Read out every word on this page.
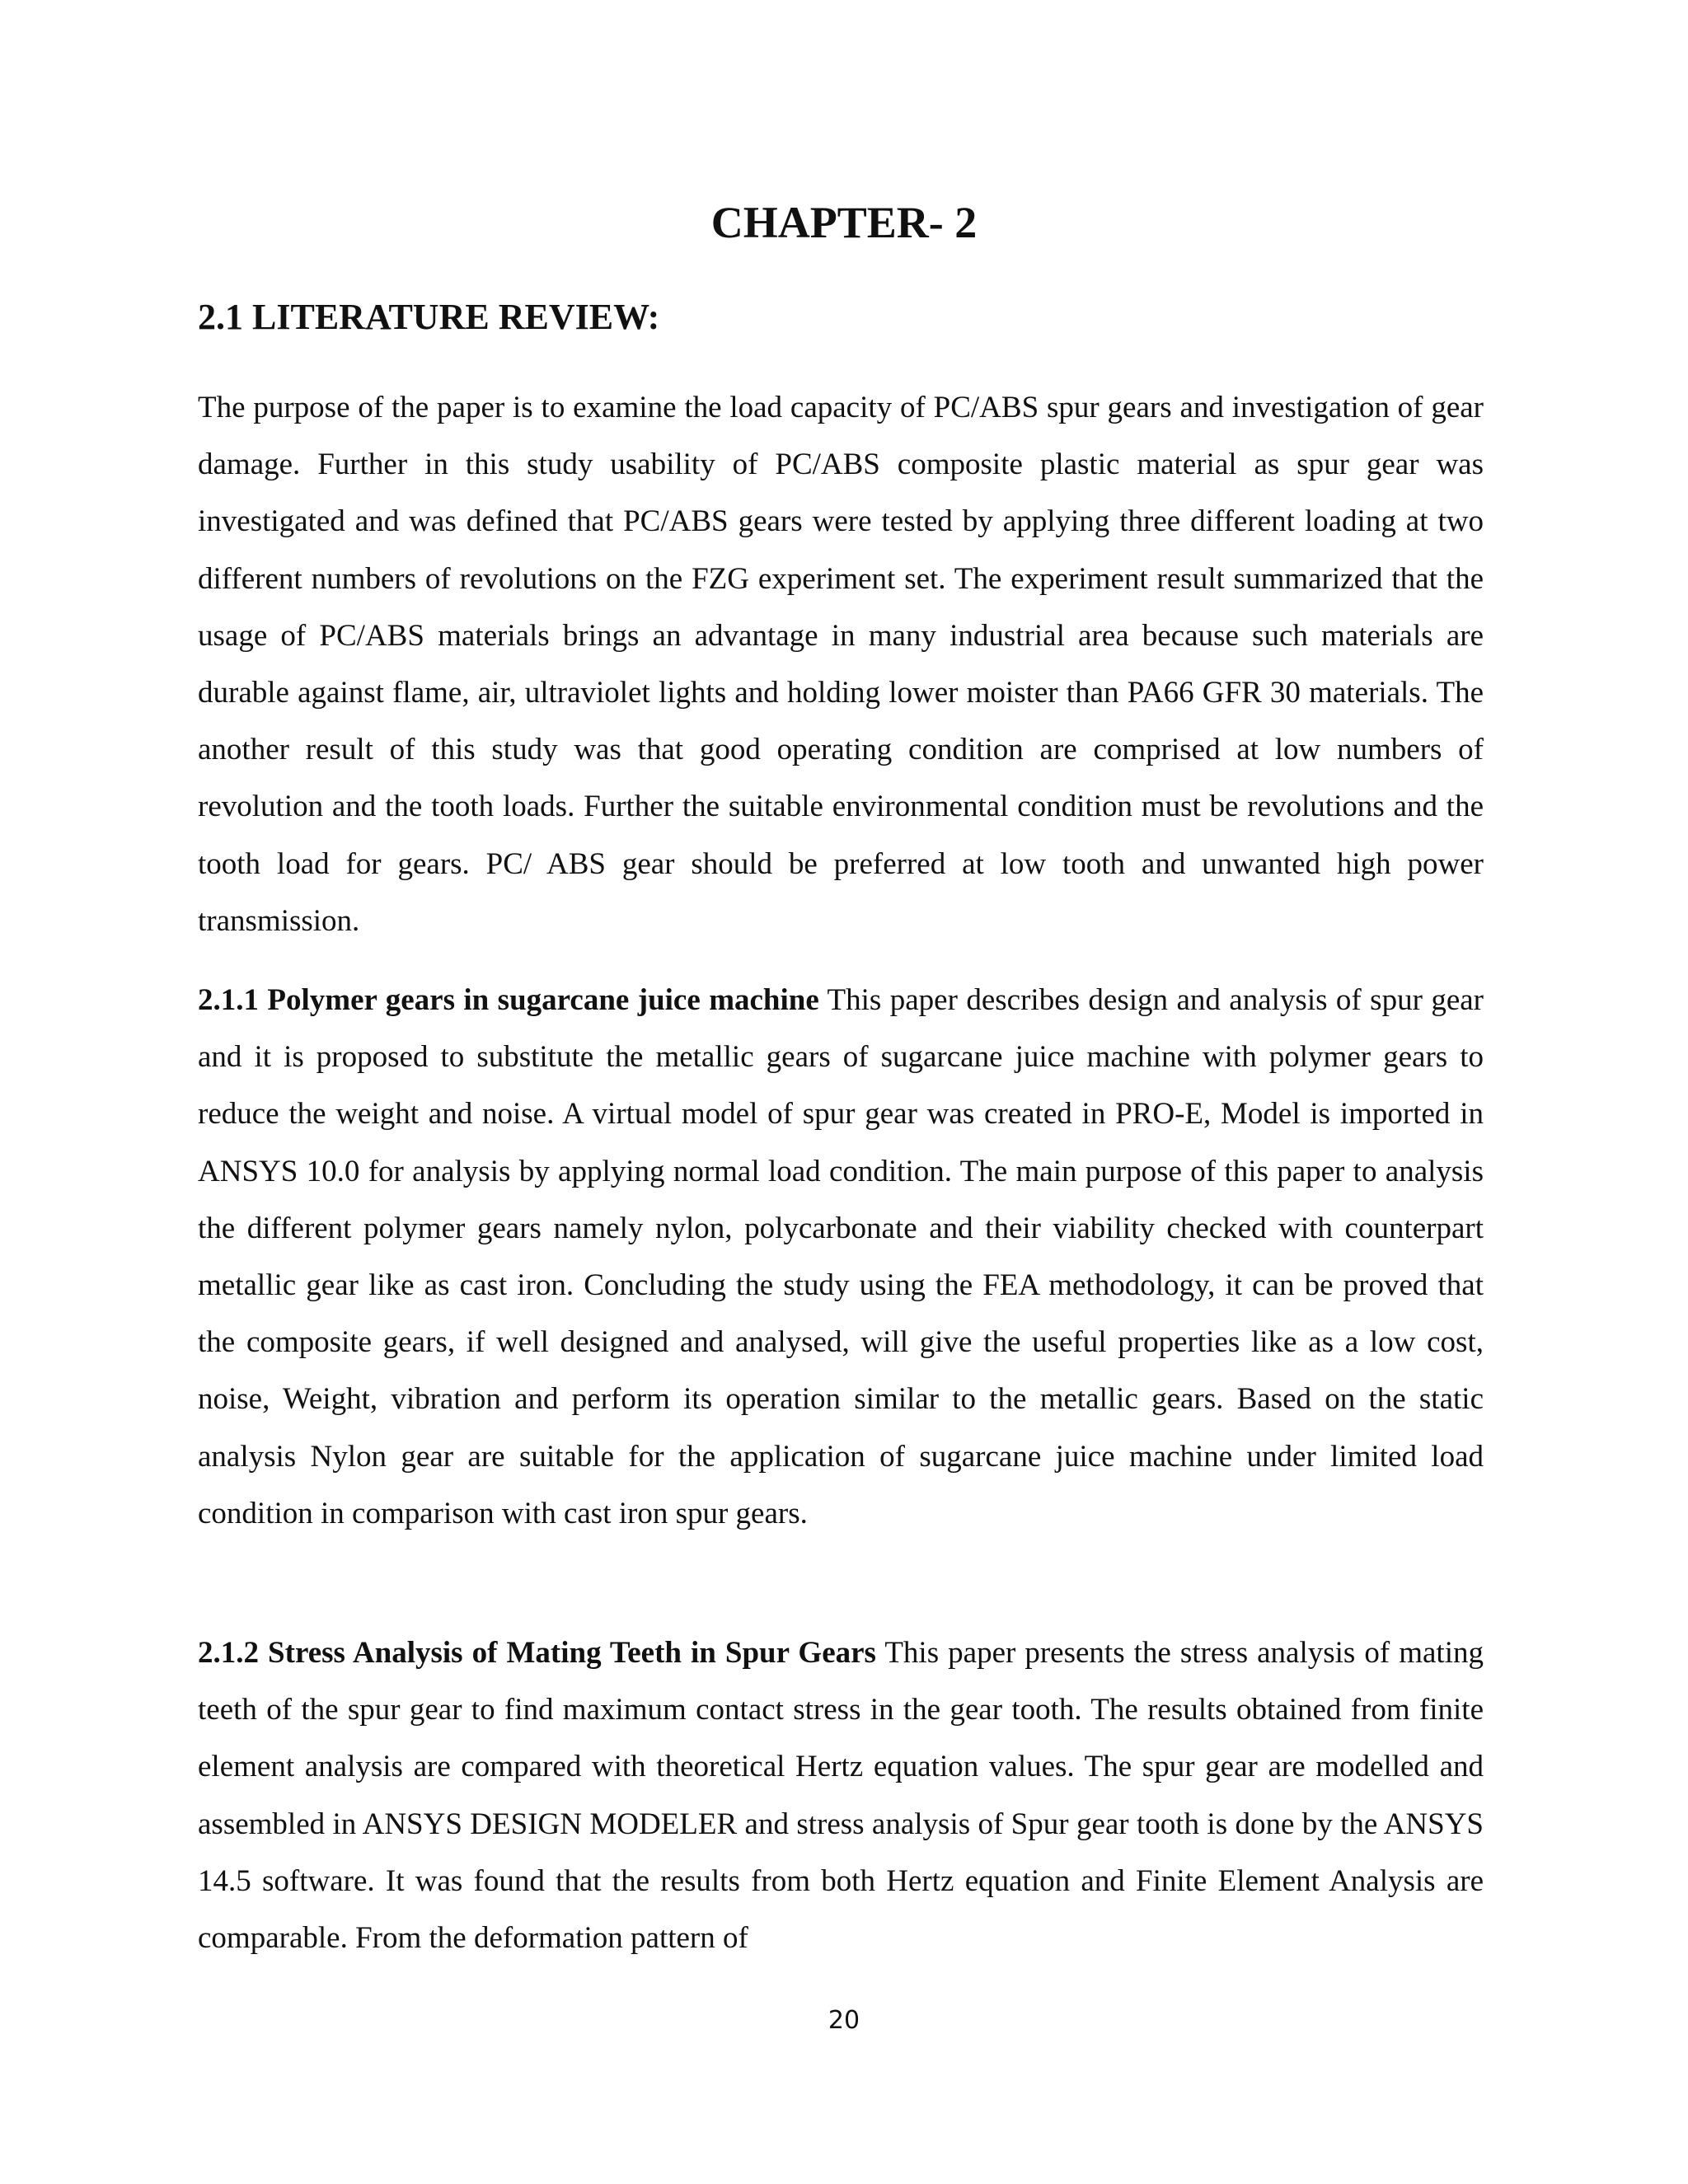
CHAPTER- 2
2.1 LITERATURE REVIEW:

The purpose of the paper is to examine the load capacity of PC/ABS spur gears and investigation of gear damage. Further in this study usability of PC/ABS composite plastic material as spur gear was investigated and was defined that PC/ABS gears were tested by applying three different loading at two different numbers of revolutions on the FZG experiment set. The experiment result summarized that the usage of PC/ABS materials brings an advantage in many industrial area because such materials are durable against flame, air, ultraviolet lights and holding lower moister than PA66 GFR 30 materials. The another result of this study was that good operating condition are comprised at low numbers of revolution and the tooth loads. Further the suitable environmental condition must be revolutions and the tooth load for gears. PC/ ABS gear should be preferred at low tooth and unwanted high power transmission.

2.1.1 Polymer gears in sugarcane juice machine This paper describes design and analysis of spur gear and it is proposed to substitute the metallic gears of sugarcane juice machine with polymer gears to reduce the weight and noise. A virtual model of spur gear was created in PRO-E, Model is imported in ANSYS 10.0 for analysis by applying normal load condition. The main purpose of this paper to analysis the different polymer gears namely nylon, polycarbonate and their viability checked with counterpart metallic gear like as cast iron. Concluding the study using the FEA methodology, it can be proved that the composite gears, if well designed and analysed, will give the useful properties like as a low cost, noise, Weight, vibration and perform its operation similar to the metallic gears. Based on the static analysis Nylon gear are suitable for the application of sugarcane juice machine under limited load condition in comparison with cast iron spur gears.

2.1.2 Stress Analysis of Mating Teeth in Spur Gears This paper presents the stress analysis of mating teeth of the spur gear to find maximum contact stress in the gear tooth. The results obtained from finite element analysis are compared with theoretical Hertz equation values. The spur gear are modelled and assembled in ANSYS DESIGN MODELER and stress analysis of Spur gear tooth is done by the ANSYS 14.5 software. It was found that the results from both Hertz equation and Finite Element Analysis are comparable. From the deformation pattern of

20
